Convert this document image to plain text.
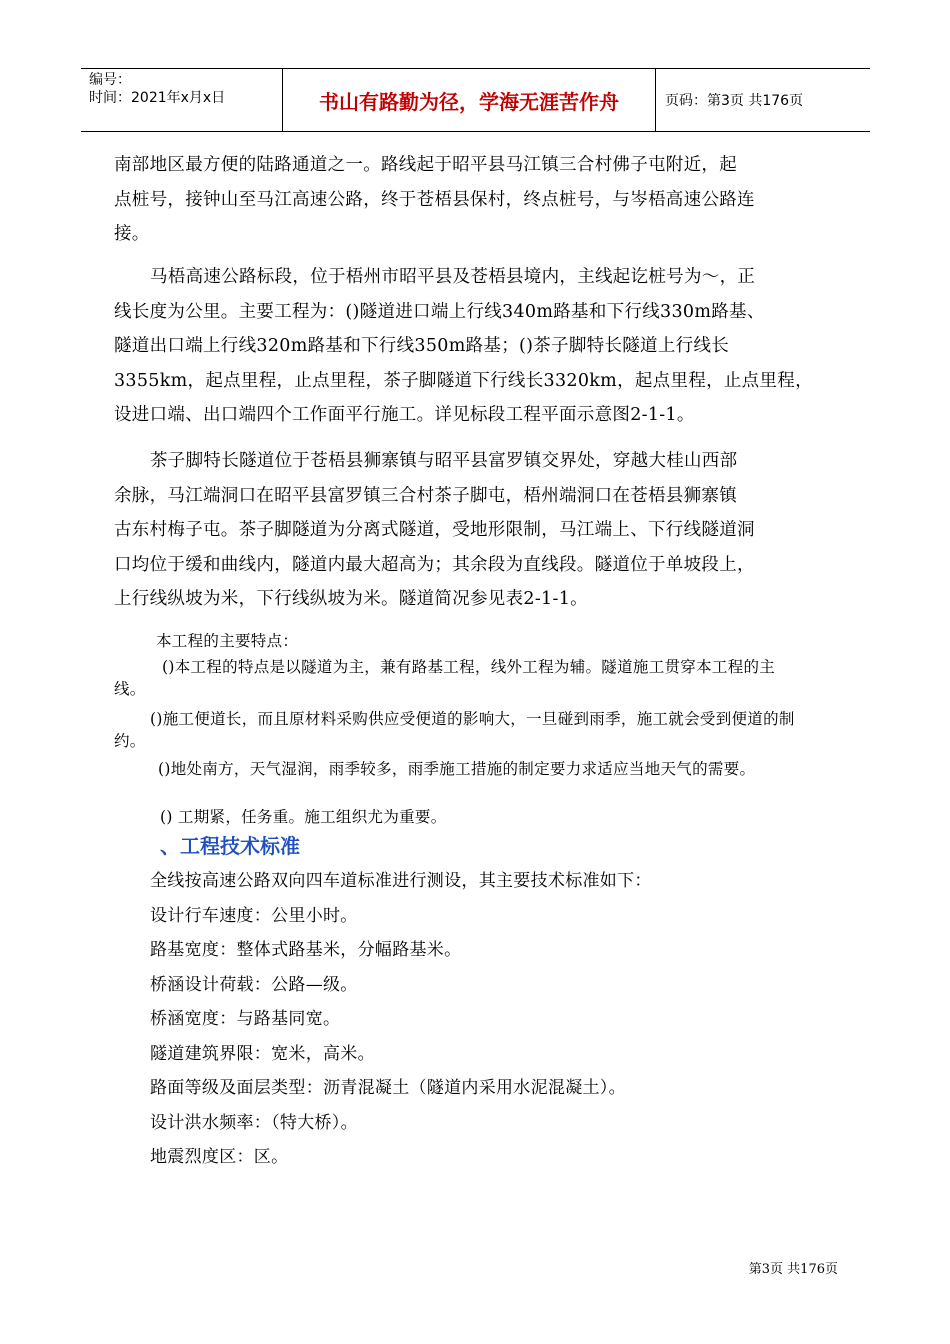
编号：
时间：2021年x月x日	书山有路勤为径，学海无涯苦作舟	页码：第3页 共176页
南部地区最方便的陆路通道之一。路线起于昭平县马江镇三合村佛子屯附近，起
点桩号，接钟山至马江高速公路，终于苍梧县保村，终点桩号，与岑梧高速公路连
接。
马梧高速公路标段，位于梧州市昭平县及苍梧县境内，主线起讫桩号为～，正
线长度为公里。主要工程为：()隧道进口端上行线340m路基和下行线330m路基、
隧道出口端上行线320m路基和下行线350m路基；()茶子脚特长隧道上行线长
3355km，起点里程，止点里程，茶子脚隧道下行线长3320km，起点里程，止点里程，
设进口端、出口端四个工作面平行施工。详见标段工程平面示意图2-1-1。
茶子脚特长隧道位于苍梧县狮寨镇与昭平县富罗镇交界处，穿越大桂山西部
余脉，马江端洞口在昭平县富罗镇三合村茶子脚屯，梧州端洞口在苍梧县狮寨镇
古东村梅子屯。茶子脚隧道为分离式隧道，受地形限制，马江端上、下行线隧道洞
口均位于缓和曲线内，隧道内最大超高为；其余段为直线段。隧道位于单坡段上，
上行线纵坡为米，下行线纵坡为米。隧道简况参见表2-1-1。
本工程的主要特点：
()本工程的特点是以隧道为主，兼有路基工程，线外工程为辅。隧道施工贯穿本工程的主线。
()施工便道长，而且原材料采购供应受便道的影响大，一旦碰到雨季，施工就会受到便道的制约。
()地处南方，天气湿润，雨季较多，雨季施工措施的制定要力求适应当地天气的需要。
() 工期紧，任务重。施工组织尤为重要。
、工程技术标准
全线按高速公路双向四车道标准进行测设，其主要技术标准如下：
设计行车速度：公里小时。
路基宽度：整体式路基米，分幅路基米。
桥涵设计荷载：公路—级。
桥涵宽度：与路基同宽。
隧道建筑界限：宽米，高米。
路面等级及面层类型：沥青混凝土（隧道内采用水泥混凝土）。
设计洪水频率：（特大桥）。
地震烈度区：区。
第3页 共176页
